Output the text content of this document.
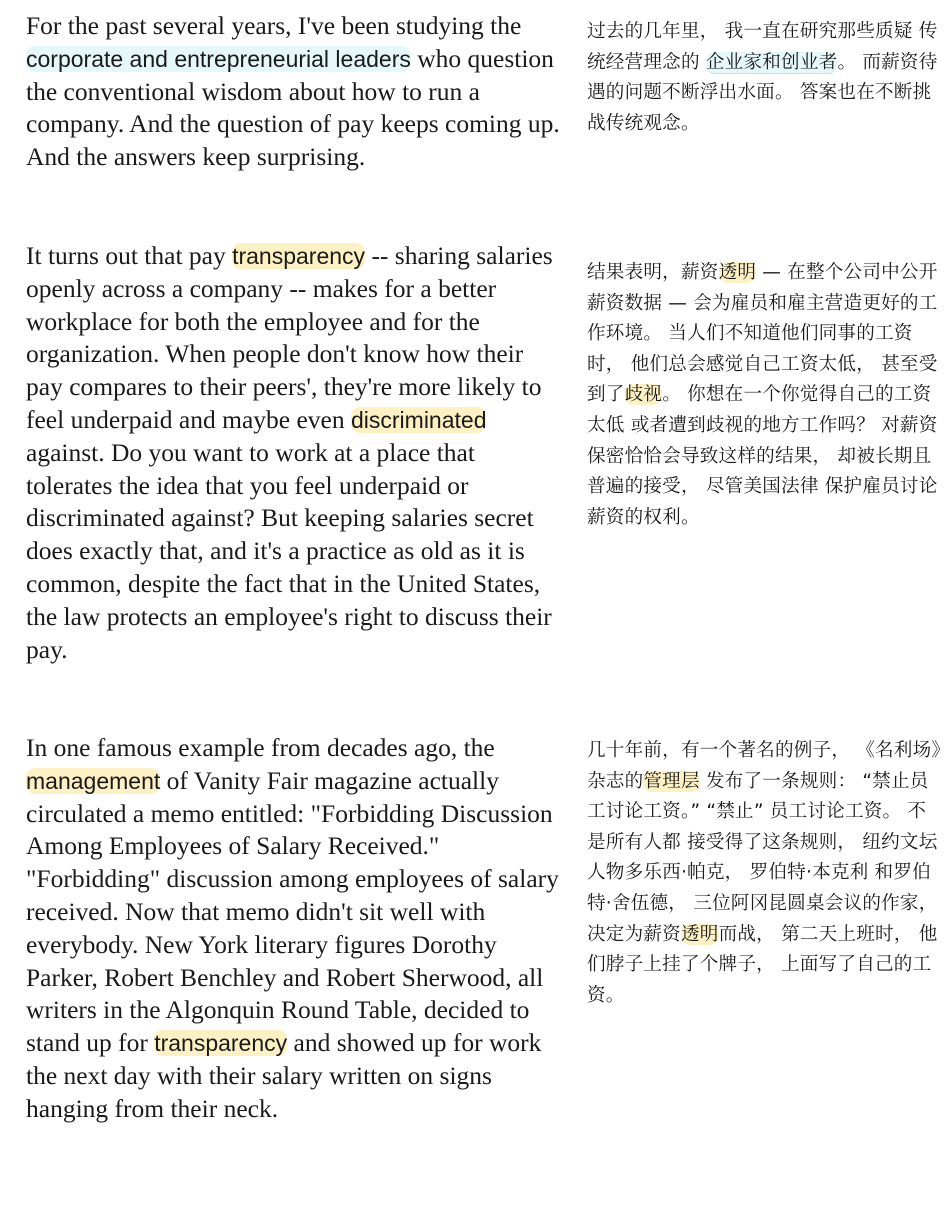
For the past several years, I've been studying the corporate and entrepreneurial leaders who question the conventional wisdom about how to run a company. And the question of pay keeps coming up. And the answers keep surprising.

过去的几年里， 我一直在研究那些质疑 传统经营理念的 企业家和创业者。 而薪资待遇的问题不断浮出水面。 答案也在不断挑战传统观念。

It turns out that pay transparency -- sharing salaries openly across a company -- makes for a better workplace for both the employee and for the organization. When people don't know how their pay compares to their peers', they're more likely to feel underpaid and maybe even discriminated against. Do you want to work at a place that tolerates the idea that you feel underpaid or discriminated against? But keeping salaries secret does exactly that, and it's a practice as old as it is common, despite the fact that in the United States, the law protects an employee's right to discuss their pay.

结果表明，薪资透明 — 在整个公司中公开薪资数据 — 会为雇员和雇主营造更好的工作环境。 当人们不知道他们同事的工资时， 他们总会感觉自己工资太低， 甚至受到了歧视。 你想在一个你觉得自己的工资太低 或者遭到歧视的地方工作吗？ 对薪资保密恰恰会导致这样的结果， 却被长期且普遍的接受， 尽管美国法律 保护雇员讨论薪资的权利。

In one famous example from decades ago, the management of Vanity Fair magazine actually circulated a memo entitled: "Forbidding Discussion Among Employees of Salary Received." "Forbidding" discussion among employees of salary received. Now that memo didn't sit well with everybody. New York literary figures Dorothy Parker, Robert Benchley and Robert Sherwood, all writers in the Algonquin Round Table, decided to stand up for transparency and showed up for work the next day with their salary written on signs hanging from their neck.

几十年前，有一个著名的例子， 《名利场》杂志的管理层 发布了一条规则： “禁止员工讨论工资。” “禁止” 员工讨论工资。 不是所有人都 接受得了这条规则， 纽约文坛人物多乐西·帕克， 罗伯特·本克利 和罗伯特·舍伍德， 三位阿冈昆圆桌会议的作家， 决定为薪资透明而战， 第二天上班时， 他们脖子上挂了个牌子， 上面写了自己的工资。
